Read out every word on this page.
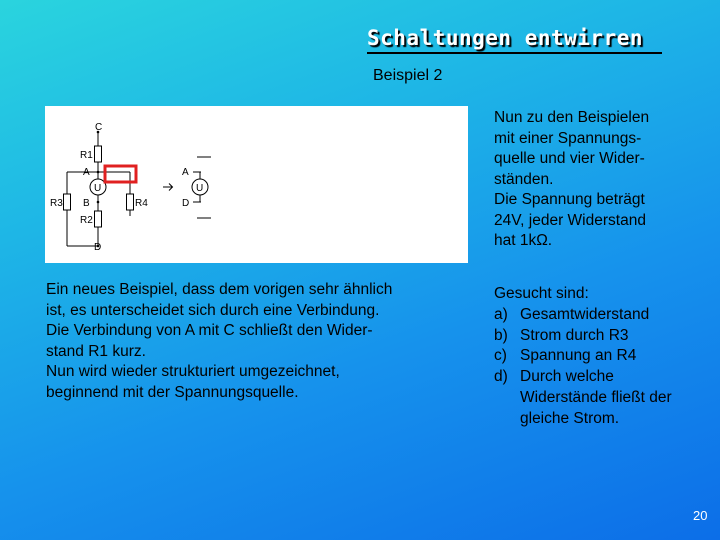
Schaltungen entwirren
Beispiel 2
C
R1
A
U
R3 B	R4
R2
D
A
U
D

Ein neues Beispiel, dass dem vorigen sehr ähnlich

ist, es unterscheidet sich durch eine Verbindung.

Die Verbindung von A mit C schließt den Wider-

stand R1 kurz.

Nun wird wieder strukturiert umgezeichnet,

beginnend mit der Spannungsquelle.

Nun zu den Beispielen

mit einer Spannungs-

quelle und vier Wider-

ständen.

Die Spannung beträgt

24V, jeder Widerstand

hat 1kΩ.

Gesucht sind:

a) Gesamtwiderstand
b) Strom durch R3
c) Spannung an R4
d) Durch welche Widerstände fließt der gleiche Strom.
20
